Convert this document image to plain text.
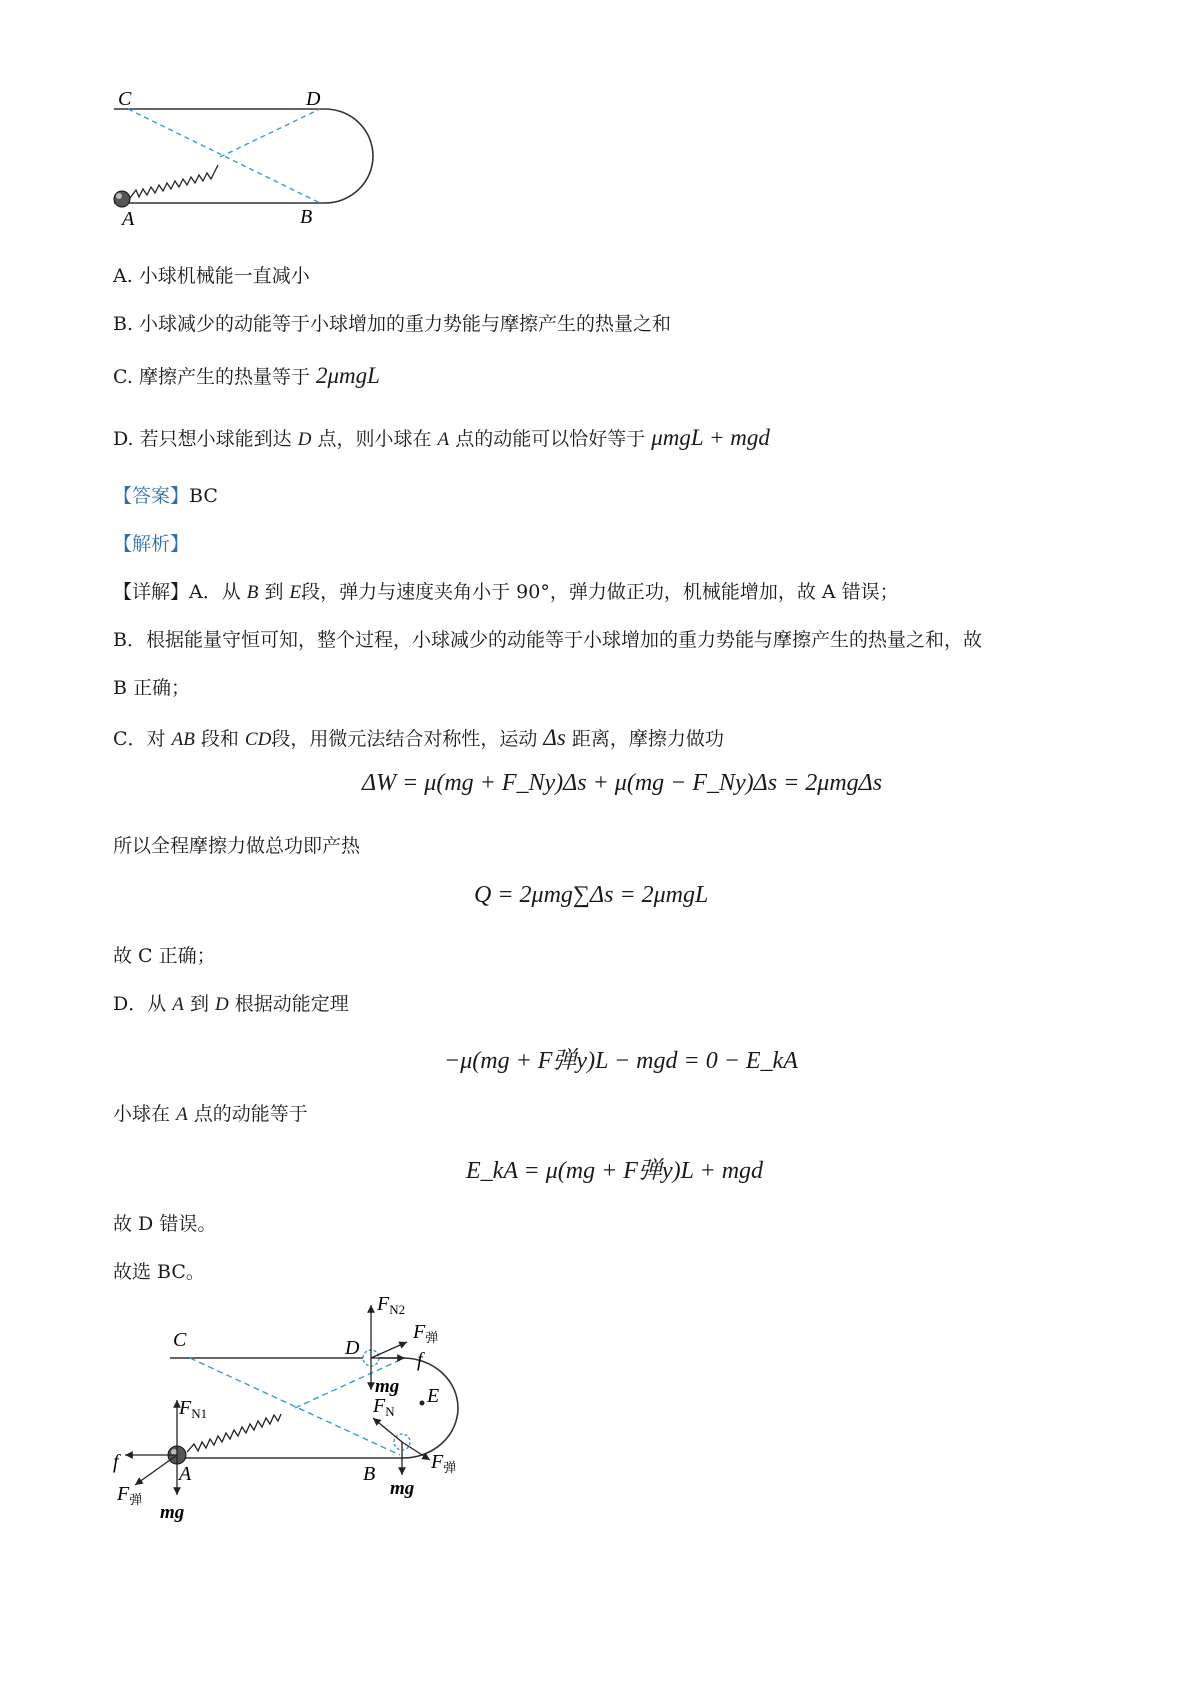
C	D
A	B
A. 小球机械能一直减小
B. 小球减少的动能等于小球增加的重力势能与摩擦产生的热量之和
C. 摩擦产生的热量等于 2μmgL
D. 若只想小球能到达 D 点，则小球在 A 点的动能可以恰好等于 μmgL + mgd
【答案】BC
【解析】
【详解】A．从 B 到 E段，弹力与速度夹角小于 90°，弹力做正功，机械能增加，故 A 错误；
B．根据能量守恒可知，整个过程，小球减少的动能等于小球增加的重力势能与摩擦产生的热量之和，故
B 正确；
C．对 AB 段和 CD段，用微元法结合对称性，运动 Δs 距离，摩擦力做功
ΔW = μ(mg + F_Ny)Δs + μ(mg − F_Ny)Δs = 2μmgΔs
所以全程摩擦力做总功即产热
Q = 2μmg∑Δs = 2μmgL
故 C 正确；
D．从 A 到 D 根据动能定理
−μ(mg + F弹y)L − mgd = 0 − E_kA
小球在 A 点的动能等于
E_kA = μ(mg + F弹y)L + mgd
故 D 错误。
故选 BC。
C	D
A	B
E
$F_{N2}$
$F_弹$
f
mg
$F_N$
$F_弹$
mg
$F_{N1}$
f
$F_弹$
mg
